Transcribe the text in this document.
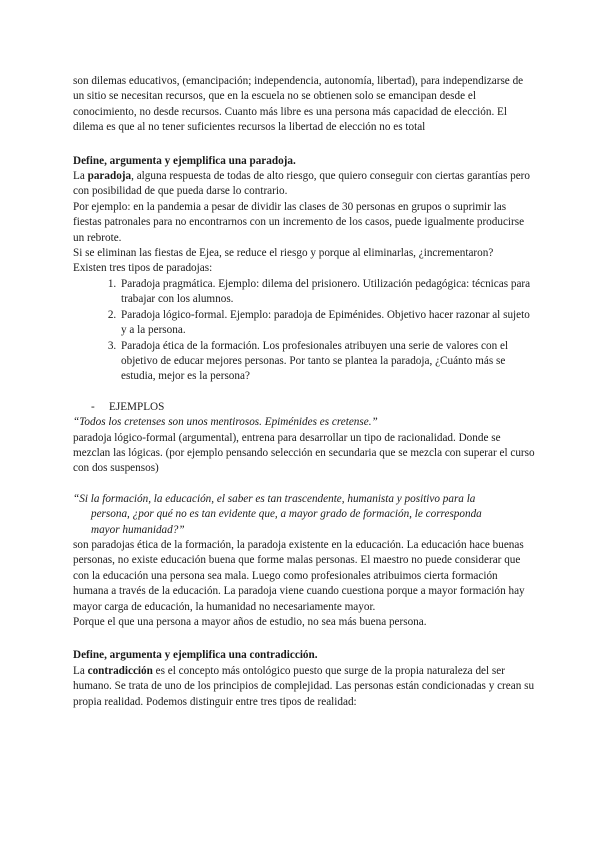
son dilemas educativos, (emancipación; independencia, autonomía, libertad), para independizarse de un sitio se necesitan recursos, que en la escuela no se obtienen solo se emancipan desde el conocimiento, no desde recursos. Cuanto más libre es una persona más capacidad de elección. El dilema es que al no tener suficientes recursos la libertad de elección no es total

Define, argumenta y ejemplifica una paradoja.

La paradoja, alguna respuesta de todas de alto riesgo, que quiero conseguir con ciertas garantías pero con posibilidad de que pueda darse lo contrario.

Por ejemplo: en la pandemia a pesar de dividir las clases de 30 personas en grupos o suprimir las fiestas patronales para no encontrarnos con un incremento de los casos, puede igualmente producirse un rebrote.

Si se eliminan las fiestas de Ejea, se reduce el riesgo y porque al eliminarlas, ¿incrementaron?

Existen tres tipos de paradojas:

1. Paradoja pragmática. Ejemplo: dilema del prisionero. Utilización pedagógica: técnicas para trabajar con los alumnos.
2. Paradoja lógico-formal. Ejemplo: paradoja de Epiménides. Objetivo hacer razonar al sujeto y a la persona.
3. Paradoja ética de la formación. Los profesionales atribuyen una serie de valores con el objetivo de educar mejores personas. Por tanto se plantea la paradoja, ¿Cuánto más se estudia, mejor es la persona?

- EJEMPLOS

“Todos los cretenses son unos mentirosos. Epiménides es cretense.”

paradoja lógico-formal (argumental), entrena para desarrollar un tipo de racionalidad. Donde se mezclan las lógicas. (por ejemplo pensando selección en secundaria que se mezcla con superar el curso con dos suspensos)

“Si la formación, la educación, el saber es tan trascendente, humanista y positivo para la

persona, ¿por qué no es tan evidente que, a mayor grado de formación, le corresponda

mayor humanidad?”

son paradojas ética de la formación, la paradoja existente en la educación. La educación hace buenas personas, no existe educación buena que forme malas personas. El maestro no puede considerar que con la educación una persona sea mala. Luego como profesionales atribuimos cierta formación humana a través de la educación. La paradoja viene cuando cuestiona porque a mayor formación hay mayor carga de educación, la humanidad no necesariamente mayor.

Porque el que una persona a mayor años de estudio, no sea más buena persona.

Define, argumenta y ejemplifica una contradicción.

La contradicción es el concepto más ontológico puesto que surge de la propia naturaleza del ser humano. Se trata de uno de los principios de complejidad. Las personas están condicionadas y crean su propia realidad. Podemos distinguir entre tres tipos de realidad:
